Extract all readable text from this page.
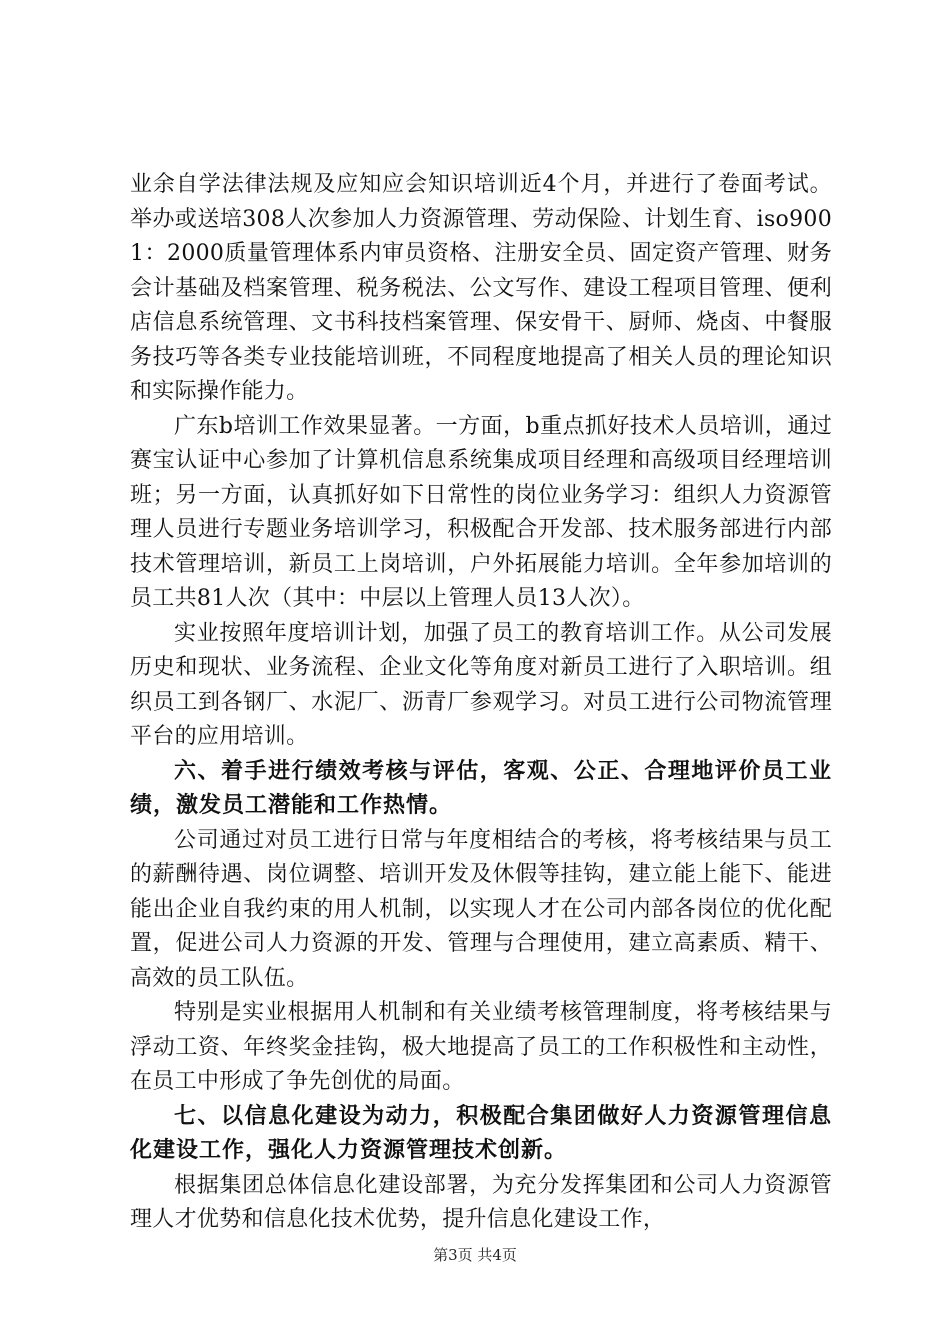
业余自学法律法规及应知应会知识培训近4个月，并进行了卷面考试。举办或送培308人次参加人力资源管理、劳动保险、计划生育、iso9001：2000质量管理体系内审员资格、注册安全员、固定资产管理、财务会计基础及档案管理、税务税法、公文写作、建设工程项目管理、便利店信息系统管理、文书科技档案管理、保安骨干、厨师、烧卤、中餐服务技巧等各类专业技能培训班，不同程度地提高了相关人员的理论知识和实际操作能力。

广东b培训工作效果显著。一方面，b重点抓好技术人员培训，通过赛宝认证中心参加了计算机信息系统集成项目经理和高级项目经理培训班；另一方面，认真抓好如下日常性的岗位业务学习：组织人力资源管理人员进行专题业务培训学习，积极配合开发部、技术服务部进行内部技术管理培训，新员工上岗培训，户外拓展能力培训。全年参加培训的员工共81人次（其中：中层以上管理人员13人次）。

实业按照年度培训计划，加强了员工的教育培训工作。从公司发展历史和现状、业务流程、企业文化等角度对新员工进行了入职培训。组织员工到各钢厂、水泥厂、沥青厂参观学习。对员工进行公司物流管理平台的应用培训。

六、着手进行绩效考核与评估，客观、公正、合理地评价员工业绩，激发员工潜能和工作热情。

公司通过对员工进行日常与年度相结合的考核，将考核结果与员工的薪酬待遇、岗位调整、培训开发及休假等挂钩，建立能上能下、能进能出企业自我约束的用人机制，以实现人才在公司内部各岗位的优化配置，促进公司人力资源的开发、管理与合理使用，建立高素质、精干、高效的员工队伍。

特别是实业根据用人机制和有关业绩考核管理制度，将考核结果与浮动工资、年终奖金挂钩，极大地提高了员工的工作积极性和主动性，在员工中形成了争先创优的局面。

七、以信息化建设为动力，积极配合集团做好人力资源管理信息化建设工作，强化人力资源管理技术创新。

根据集团总体信息化建设部署，为充分发挥集团和公司人力资源管理人才优势和信息化技术优势，提升信息化建设工作，

第3页 共4页
